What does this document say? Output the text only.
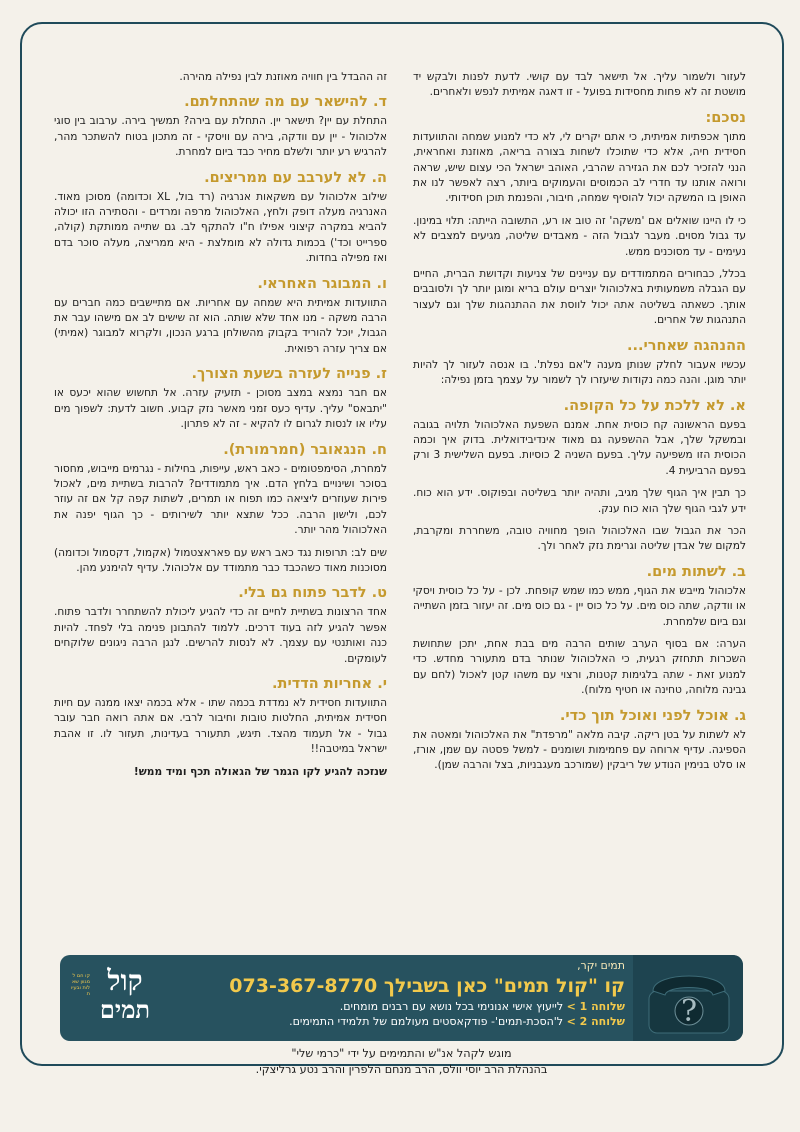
לעזור ולשמור עליך. אל תישאר לבד עם קושי. לדעת לפנות ולבקש יד מושטת זה לא פחות מחסידות בפועל - זו דאגה אמיתית לנפש ולאחרים.

נסכם:

מתוך אכפתיות אמיתית, כי אתם יקרים לי, לא כדי למנוע שמחה והתוועדות חסידית חיה, אלא כדי שתוכלו לשחות בצורה בריאה, מאוזנת ואחראית, הנני להזכיר לכם את הגזירה שהרבי, האוהב ישראל הכי עצום שיש, שראה ורואה אותנו עד חדרי לב הכמוסים והעמוקים ביותר, רצה לאפשר לנו את האופן בו המשקה יכול להוסיף שמחה, חיבור, והפנמת תוכן חסידותי.

כי לו היינו שואלים אם 'משקה' זה טוב או רע, התשובה הייתה: תלוי במינון. עד גבול מסוים. מעבר לגבול הזה - מאבדים שליטה, מגיעים למצבים לא נעימים - עד מסוכנים ממש.

בכלל, כבחורים המתמודדים עם עניינים של צניעות וקדושת הברית, החיים עם הגבלה משמעותית באלכוהול יוצרים עולם בריא ומוגן יותר לך ולסובבים אותך. כשאתה בשליטה אתה יכול לווסת את ההתנהגות שלך וגם לעצור התנהגות של אחרים.

ההנהגה שאחרי...

עכשיו אעבור לחלק שנותן מענה ל'אם נפלת'. בו אנסה לעזור לך להיות יותר מוגן. והנה כמה נקודות שיעזרו לך לשמור על עצמך בזמן נפילה:

א. לא ללכת על כל הקופה.

בפעם הראשונה קח כוסית אחת. אמנם השפעת האלכוהול תלויה בגובה ובמשקל שלך, אבל ההשפעה גם מאוד אינדיבידואלית. בדוק איך וכמה הכוסית הזו משפיעה עליך. בפעם השניה 2 כוסיות. בפעם השלישית 3 ורק בפעם הרביעית 4.

כך תבין איך הגוף שלך מגיב, ותהיה יותר בשליטה ובפוקוס. ידע הוא כוח. ידע לגבי הגוף שלך הוא כוח ענק.

הכר את הגבול שבו האלכוהול הופך מחוויה טובה, משחררת ומקרבת, למקום של אבדן שליטה וגרימת נזק לאחר ולך.

ב. לשתות מים.

אלכוהול מייבש את הגוף, ממש כמו שמש קופחת. לכן - על כל כוסית ויסקי או וודקה, שתה כוס מים. על כל כוס יין - גם כוס מים. זה יעזור בזמן השתייה וגם ביום שלמחרת.

הערה: אם בסוף הערב שותים הרבה מים בבת אחת, יתכן שתחושת השכרות תתחזק רגעית, כי האלכוהול שנותר בדם מתעורר מחדש. כדי למנוע זאת - שתה בלגימות קטנות, ורצוי עם משהו קטן לאכול (לחם עם גבינה מלוחה, טחינה או חטיף מלוח).

ג. אוכל לפני ואוכל תוך כדי.

לא לשתות על בטן ריקה. קיבה מלאה "מרפדת" את האלכוהול ומאטה את הספיגה. עדיף ארוחה עם פחמימות ושומנים - למשל פסטה עם שמן, אורז, או סלט בנימין הנודע של ריבקין (שמורכב מעגבניות, בצל והרבה שמן).

זה ההבדל בין חוויה מאוזנת לבין נפילה מהירה.

ד. להישאר עם מה שהתחלתם.

התחלת עם יין? תישאר יין. התחלת עם בירה? תמשיך בירה. ערבוב בין סוגי אלכוהול - יין עם וודקה, בירה עם וויסקי - זה מתכון בטוח להשתכר מהר, להרגיש רע יותר ולשלם מחיר כבד ביום למחרת.

ה. לא לערבב עם ממריצים.

שילוב אלכוהול עם משקאות אנרגיה (רד בול, XL וכדומה) מסוכן מאוד. האנרגיה מעלה דופק ולחץ, האלכוהול מרפה ומרדים - והסתירה הזו יכולה להביא במקרה קיצוני אפילו ח"ו להתקף לב. גם שתייה ממותקת (קולה, ספרייט וכד') בכמות גדולה לא מומלצת - היא ממריצה, מעלה סוכר בדם ואז מפילה בחדות.

ו. המבוגר האחראי.

התוועדות אמיתית היא שמחה עם אחריות. אם מתיישבים כמה חברים עם הרבה משקה - מנו אחד שלא שותה. הוא זה שישים לב אם מישהו עבר את הגבול, יוכל להוריד בקבוק מהשולחן ברגע הנכון, ולקרוא למבוגר (אמיתי) אם צריך עזרה רפואית.

ז. פנייה לעזרה בשעת הצורך.

אם חבר נמצא במצב מסוכן - תזעיק עזרה. אל תחשוש שהוא יכעס או "יתבאס" עליך. עדיף כעס זמני מאשר נזק קבוע. חשוב לדעת: לשפוך מים עליו או לנסות לגרום לו להקיא - זה לא פתרון.

ח. הנגאובר (חמרמורת).

למחרת, הסימפטומים - כאב ראש, עייפות, בחילות - נגרמים מייבוש, מחסור בסוכר ושינויים בלחץ הדם. איך מתמודדים? להרבות בשתיית מים, לאכול פירות שעוזרים ליציאה כמו תפוח או תמרים, לשתות קפה קל אם זה עוזר לכם, ולישון הרבה. ככל שתצא יותר לשירותים - כך הגוף יפנה את האלכוהול מהר יותר.

שים לב: תרופות נגד כאב ראש עם פאראצטמול (אקמול, דקסמול וכדומה) מסוכנות מאוד כשהכבד כבר מתמודד עם אלכוהול. עדיף להימנע מהן.

ט. לדבר פתוח גם בלי.

אחד הרצונות בשתיית לחיים זה כדי להגיע ליכולת להשתחרר ולדבר פתוח. אפשר להגיע לזה בעוד דרכים. ללמוד להתבונן פנימה בלי לפחד. להיות כנה ואותנטי עם עצמך. לא לנסות להרשים. לנגן הרבה ניגונים שלוקחים לעומקים.

י. אחריות הדדית.

התוועדות חסידית לא נמדדת בכמה שתו - אלא בכמה יצאו ממנה עם חיות חסידית אמיתית, החלטות טובות וחיבור לרבי. אם אתה רואה חבר עובר גבול - אל תעמוד מהצד. תיגש, תתעורר בעדינות, תעזור לו. זו אהבת ישראל במיטבה!!

שנזכה להגיע לקו הגמר של הגאולה תכף ומיד ממש!

?
תמים יקר,
קו "קול תמים" כאן בשבילך 073-367-8770
שלוחה 1 > לייעוץ אישי אנונימי בכל נושא עם רבנים מומחים.
שלוחה 2 > ל'הסכת-תמים'- פודקאסטים מעולמם של תלמידי התמימים.
קו חם למגוון שאלות ובעיות קול
תמים
מוגש לקהל אנ"ש והתמימים על ידי "כרמי שלי"
בהנהלת הרב יוסי וולס, הרב מנחם הלפרין והרב נטע גרליצקי.
